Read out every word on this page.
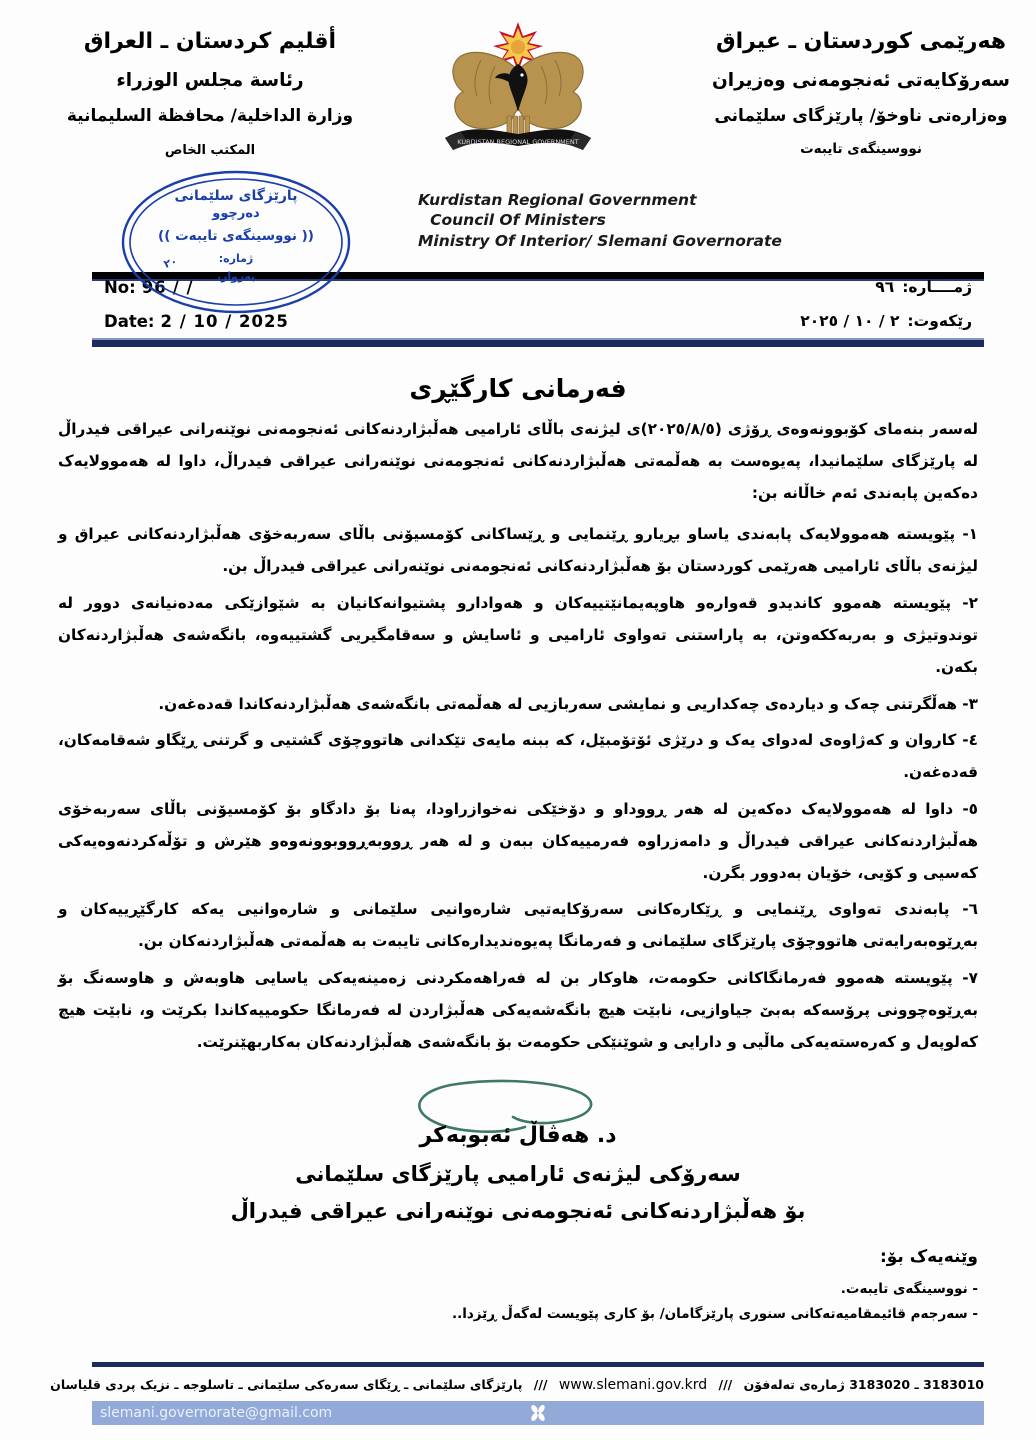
هەرێمی کوردستان ـ عیراق
سەرۆکایەتی ئەنجومەنی وەزیران
وەزارەتی ناوخۆ/ پارێزگای سلێمانی
نووسینگەی تایبەت
أقليم كردستان ـ العراق
رئاسة مجلس الوزراء
وزارة الداخلية/ محافظة السليمانية
المكتب الخاص
KURDISTAN REGIONAL GOVERNMENT
Kurdistan Regional Government
Council Of Ministers
Ministry Of Interior/ Slemani Governorate
پارێزگای سلێمانی
دەرچوو
(( نووسینگەی تایبەت ))
ژمارە:
بەروار،
٢٠
No: 96 / /
Date: 2 / 10 / 2025
ژمــــاره:٩٦
رێکەوت:٢ / ١٠ / ٢٠٢٥
فەرمانی کارگێڕی

لەسەر بنەمای کۆبوونەوەی ڕۆژی (٢٠٢٥/٨/٥)ی لیژنەی باڵای ئارامیی هەڵبژاردنەکانی ئەنجومەنی نوێنەرانی عیراقی فیدراڵ لە پارێزگای سلێمانیدا، پەیوەست بە هەڵمەتی هەڵبژاردنەکانی ئەنجومەنی نوێنەرانی عیراقی فیدراڵ، داوا لە هەموولایەک دەکەین پابەندی ئەم خاڵانە بن:

١- پێویستە هەموولایەک پابەندی یاساو بڕیارو ڕێنمایی و ڕێساکانی کۆمسیۆنی باڵای سەربەخۆی هەڵبژاردنەکانی عیراق و لیژنەی باڵای ئارامیی هەرێمی کوردستان بۆ هەڵبژاردنەکانی ئەنجومەنی نوێنەرانی عیراقی فیدراڵ بن.

٢- پێویستە هەموو کاندیدو قەوارەو هاوپەیمانێتییەکان و هەوادارو پشتیوانەکانیان بە شێوازێکی مەدەنیانەی دوور لە توندوتیژی و بەربەککەوتن، بە پاراستنی تەواوی ئارامیی و ئاسایش و سەقامگیریی گشتییەوە، بانگەشەی هەڵبژاردنەکان بکەن.

٣- هەڵگرتنی چەک و دیاردەی چەکداریی و نمایشی سەربازیی لە هەڵمەتی بانگەشەی هەڵبژاردنەکاندا قەدەغەن.

٤- کاروان و کەژاوەی لەدوای یەک و درێژی ئۆتۆمبێل، کە ببنە مایەی تێکدانی هاتووچۆی گشتیی و گرتنی ڕێگاو شەقامەکان، قەدەغەن.

٥- داوا لە هەموولایەک دەکەین لە هەر ڕووداو و دۆخێکی نەخوازراودا، پەنا بۆ دادگاو بۆ کۆمسیۆنی باڵای سەربەخۆی هەڵبژاردنەکانی عیراقی فیدراڵ و دامەزراوە فەرمییەکان ببەن و لە هەر ڕووبەڕووبوونەوەو هێرش و تۆڵەکردنەوەیەکی کەسیی و کۆیی، خۆیان بەدوور بگرن.

٦- پابەندی تەواوی ڕێنمایی و ڕێکارەکانی سەرۆکایەتیی شارەوانیی سلێمانی و شارەوانیی یەکە کارگێڕییەکان و بەڕێوەبەرایەتی هاتووچۆی پارێزگای سلێمانی و فەرمانگا پەیوەندیدارەکانی تایبەت بە هەڵمەتی هەڵبژاردنەکان بن.

٧- پێویستە هەموو فەرمانگاکانی حکومەت، هاوکار بن لە فەراهەمکردنی زەمینەیەکی یاسایی هاوبەش و هاوسەنگ بۆ بەڕێوەچوونی پرۆسەکە بەبێ جیاوازیی، نابێت هیچ بانگەشەیەکی هەڵبژاردن لە فەرمانگا حکومییەکاندا بکرێت و، نابێت هیچ کەلوپەل و کەرەستەیەکی ماڵیی و دارایی و شوێنێکی حکومەت بۆ بانگەشەی هەڵبژاردنەکان بەکاربهێنرێت.

د. هەڤاڵ ئەبوبەکر
سەرۆکی لیژنەی ئارامیی پارێزگای سلێمانی
بۆ هەڵبژاردنەکانی ئەنجومەنی نوێنەرانی عیراقی فیدراڵ
وێنەیەک بۆ:
- نووسینگەی تایبەت.
- سەرجەم قائیمقامیەتەکانی سنوری پارێزگامان/ بۆ کاری پێویست لەگەڵ ڕێزدا..
3183010 ـ 3183020 ژمارەی تەلەفۆن /// www.slemani.gov.krd /// پارێزگای سلێمانی ـ ڕێگای سەرەکی سلێمانی ـ تاسلوجە ـ نزیک پردی قلیاسان
slemani.governorate@gmail.com
